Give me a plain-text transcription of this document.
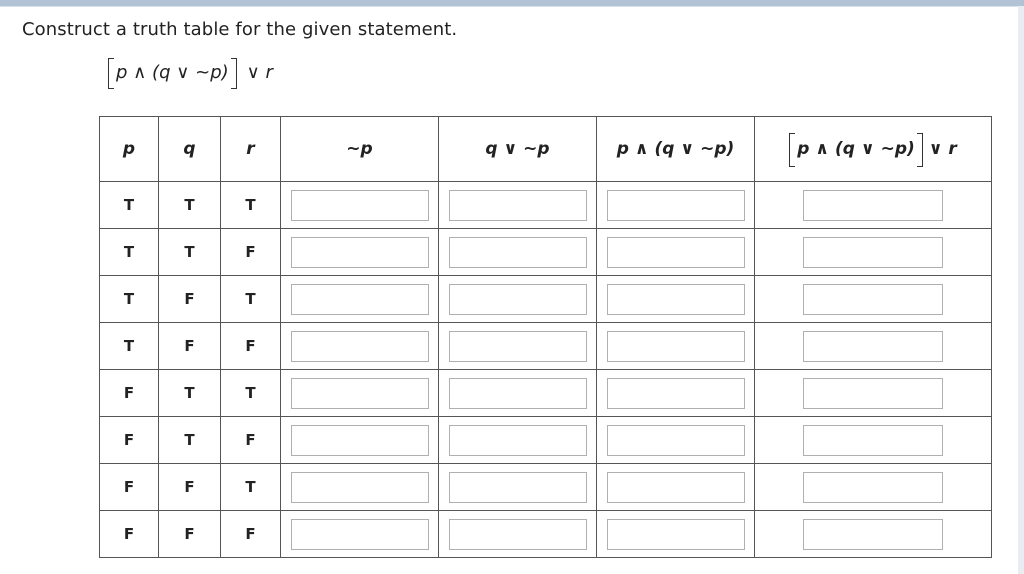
Construct a truth table for the given statement.
p ∧ (q ∨ ~p) ∨ r
p	q	r	~p	q ∨ ~p	p ∧ (q ∨ ~p)	p ∧ (q ∨ ~p) ∨ r
T	T	T	

T	T	F	

T	F	T	

T	F	F	

F	T	T	

F	T	F	

F	F	T	

F	F	F	
